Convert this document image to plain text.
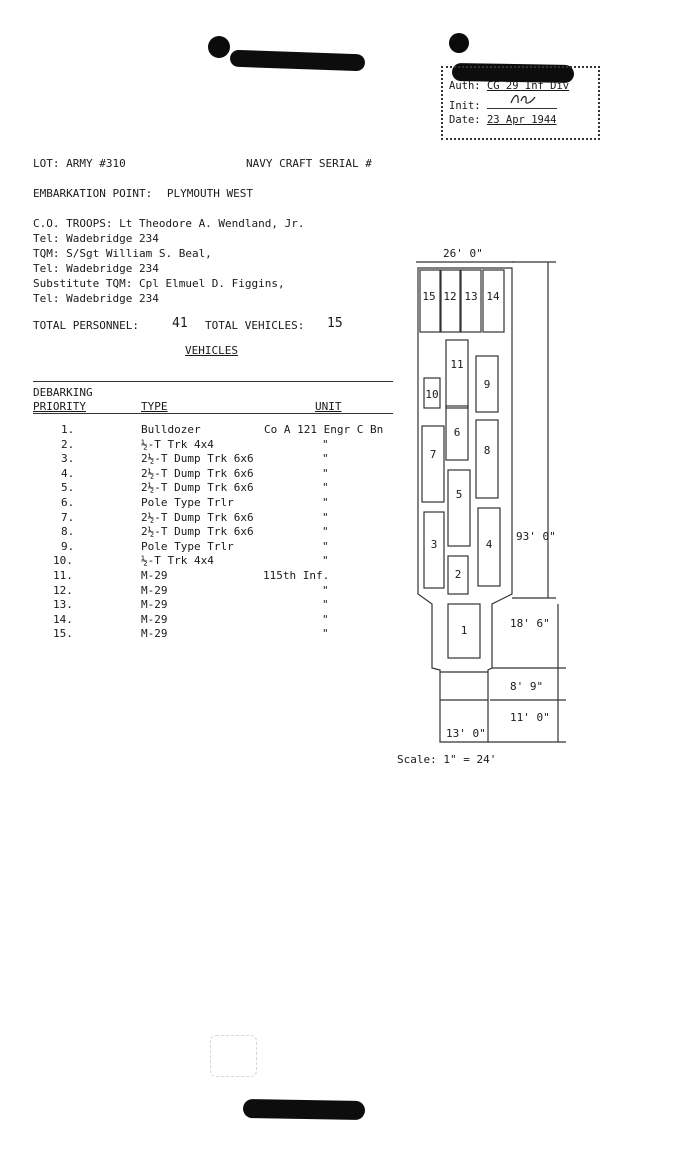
Auth: CG 29 Inf Div
Init:
Date: 23 Apr 1944
LOT: ARMY #310	NAVY CRAFT SERIAL #
EMBARKATION POINT: PLYMOUTH WEST
C.O. TROOPS: Lt Theodore A. Wendland, Jr.
Tel: Wadebridge 234
TQM: S/Sgt William S. Beal,
Tel: Wadebridge 234
Substitute TQM: Cpl Elmuel D. Figgins,
Tel: Wadebridge 234
TOTAL PERSONNEL:	41 TOTAL VEHICLES: 15
VEHICLES
DEBARKING
PRIORITY	TYPE	UNIT
1.	Bulldozer	Co A 121 Engr C Bn
2.	½-T Trk 4x4	"
3.	2½-T Dump Trk 6x6	"
4.	2½-T Dump Trk 6x6	"
5.	2½-T Dump Trk 6x6	"
6.	Pole Type Trlr	"
7.	2½-T Dump Trk 6x6	"
8.	2½-T Dump Trk 6x6	"
9.	Pole Type Trlr	"
10.	½-T Trk 4x4	"
11.	M-29	115th Inf.
12.	M-29	"
13.	M-29	"
14.	M-29	"
15.	M-29	"
15 12 13 14
11
9
10
6
8
7
5
3	4
2
1
26' 0"
93' 0"
18' 6"
8' 9"
11' 0"
13' 0"
Scale: 1" = 24'
